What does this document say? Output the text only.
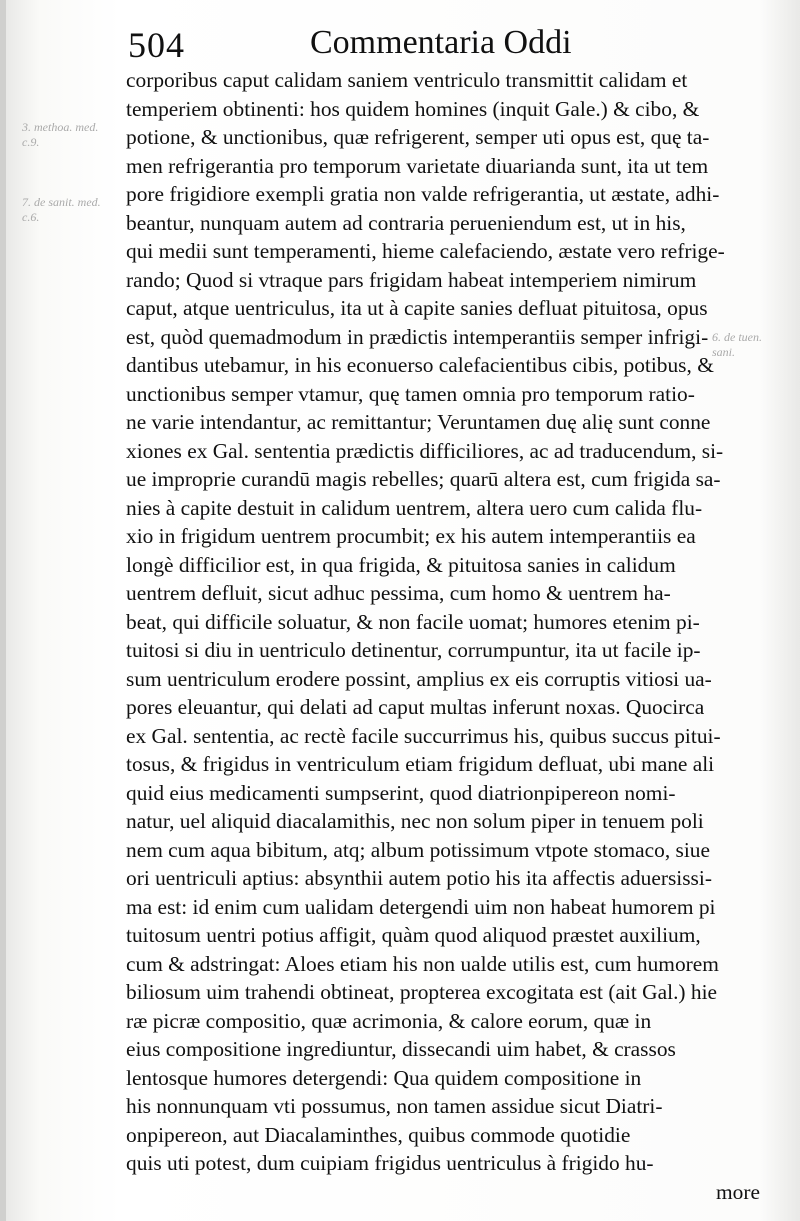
504	Commentaria Oddi
3. methoa. med. c.9.
7. de sanit. med. c.6.
6. de tuen. sani.
corporibus caput calidam saniem ventriculo transmittit calidam et
temperiem obtinenti: hos quidem homines (inquit Gale.) & cibo, &
potione, & unctionibus, quæ refrigerent, semper uti opus est, quę ta-
men refrigerantia pro temporum varietate diuarianda sunt, ita ut tem
pore frigidiore exempli gratia non valde refrigerantia, ut æstate, adhi-
beantur, nunquam autem ad contraria perueniendum est, ut in his,
qui medii sunt temperamenti, hieme calefaciendo, æstate vero refrige-
rando; Quod si vtraque pars frigidam habeat intemperiem nimirum
caput, atque uentriculus, ita ut à capite sanies defluat pituitosa, opus
est, quòd quemadmodum in prædictis intemperantiis semper infrigi-
dantibus utebamur, in his econuerso calefacientibus cibis, potibus, &
unctionibus semper vtamur, quę tamen omnia pro temporum ratio-
ne varie intendantur, ac remittantur; Veruntamen duę alię sunt conne
xiones ex Gal. sententia prædictis difficiliores, ac ad traducendum, si-
ue improprie curandū magis rebelles; quarū altera est, cum frigida sa-
nies à capite destuit in calidum uentrem, altera uero cum calida flu-
xio in frigidum uentrem procumbit; ex his autem intemperantiis ea
longè difficilior est, in qua frigida, & pituitosa sanies in calidum
uentrem defluit, sicut adhuc pessima, cum homo & uentrem ha-
beat, qui difficile soluatur, & non facile uomat; humores etenim pi-
tuitosi si diu in uentriculo detinentur, corrumpuntur, ita ut facile ip-
sum uentriculum erodere possint, amplius ex eis corruptis vitiosi ua-
pores eleuantur, qui delati ad caput multas inferunt noxas. Quocirca
ex Gal. sententia, ac rectè facile succurrimus his, quibus succus pitui-
tosus, & frigidus in ventriculum etiam frigidum defluat, ubi mane ali
quid eius medicamenti sumpserint, quod diatrionpipereon nomi-
natur, uel aliquid diacalamithis, nec non solum piper in tenuem poli
nem cum aqua bibitum, atq; album potissimum vtpote stomaco, siue
ori uentriculi aptius: absynthii autem potio his ita affectis aduersissi-
ma est: id enim cum ualidam detergendi uim non habeat humorem pi
tuitosum uentri potius affigit, quàm quod aliquod præstet auxilium,
cum & adstringat: Aloes etiam his non ualde utilis est, cum humorem
biliosum uim trahendi obtineat, propterea excogitata est (ait Gal.) hie
ræ picræ compositio, quæ acrimonia, & calore eorum, quæ in
eius compositione ingrediuntur, dissecandi uim habet, & crassos
lentosque humores detergendi: Qua quidem compositione in
his nonnunquam vti possumus, non tamen assidue sicut Diatri-
onpipereon, aut Diacalaminthes, quibus commode quotidie
quis uti potest, dum cuipiam frigidus uentriculus à frigido hu-
more
